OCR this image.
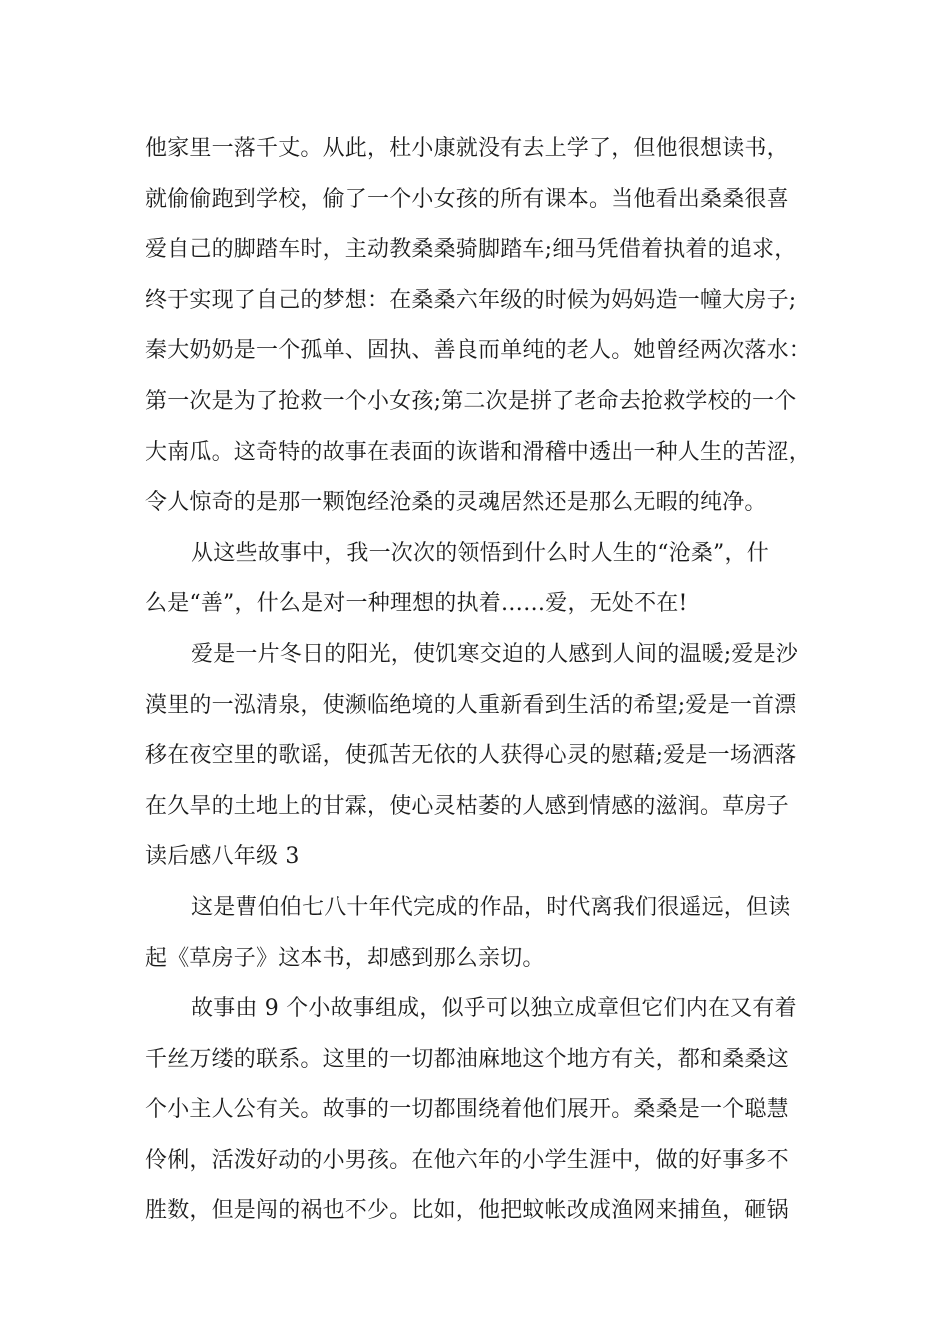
他家里一落千丈。从此，杜小康就没有去上学了，但他很想读书，
就偷偷跑到学校，偷了一个小女孩的所有课本。当他看出桑桑很喜
爱自己的脚踏车时，主动教桑桑骑脚踏车;细马凭借着执着的追求，
终于实现了自己的梦想：在桑桑六年级的时候为妈妈造一幢大房子;
秦大奶奶是一个孤单、固执、善良而单纯的老人。她曾经两次落水：
第一次是为了抢救一个小女孩;第二次是拼了老命去抢救学校的一个
大南瓜。这奇特的故事在表面的诙谐和滑稽中透出一种人生的苦涩，
令人惊奇的是那一颗饱经沧桑的灵魂居然还是那么无暇的纯净。
从这些故事中，我一次次的领悟到什么时人生的“沧桑”，什
么是“善”，什么是对一种理想的执着……爱，无处不在!
爱是一片冬日的阳光，使饥寒交迫的人感到人间的温暖;爱是沙
漠里的一泓清泉，使濒临绝境的人重新看到生活的希望;爱是一首漂
移在夜空里的歌谣，使孤苦无依的人获得心灵的慰藉;爱是一场洒落
在久旱的土地上的甘霖，使心灵枯萎的人感到情感的滋润。草房子
读后感八年级 3
这是曹伯伯七八十年代完成的作品，时代离我们很遥远，但读
起《草房子》这本书，却感到那么亲切。
故事由 9 个小故事组成，似乎可以独立成章但它们内在又有着
千丝万缕的联系。这里的一切都油麻地这个地方有关，都和桑桑这
个小主人公有关。故事的一切都围绕着他们展开。桑桑是一个聪慧
伶俐，活泼好动的小男孩。在他六年的小学生涯中，做的好事多不
胜数，但是闯的祸也不少。比如，他把蚊帐改成渔网来捕鱼，砸锅
